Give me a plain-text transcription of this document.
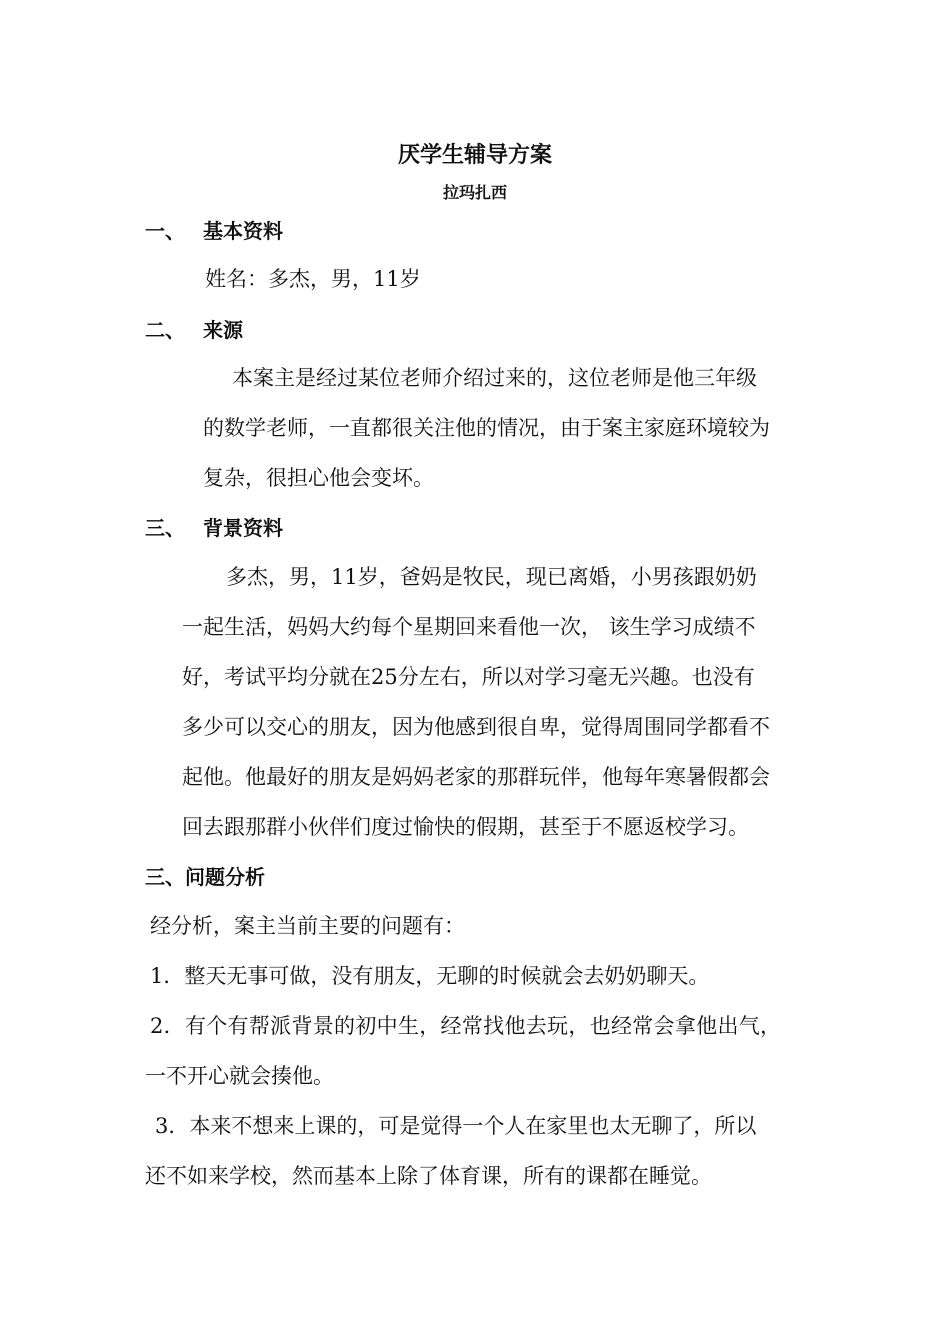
厌学生辅导方案
拉玛扎西
一、 基本资料
姓名：多杰，男，11岁
二、 来源
本案主是经过某位老师介绍过来的，这位老师是他三年级
的数学老师，一直都很关注他的情况，由于案主家庭环境较为
复杂，很担心他会变坏。
三、 背景资料
多杰，男，11岁，爸妈是牧民，现已离婚，小男孩跟奶奶
一起生活，妈妈大约每个星期回来看他一次， 该生学习成绩不
好，考试平均分就在25分左右，所以对学习毫无兴趣。也没有
多少可以交心的朋友，因为他感到很自卑，觉得周围同学都看不
起他。他最好的朋友是妈妈老家的那群玩伴，他每年寒暑假都会
回去跟那群小伙伴们度过愉快的假期，甚至于不愿返校学习。
三、问题分析
经分析，案主当前主要的问题有：
1．整天无事可做，没有朋友，无聊的时候就会去奶奶聊天。
2．有个有帮派背景的初中生，经常找他去玩，也经常会拿他出气，
一不开心就会揍他。
3．本来不想来上课的，可是觉得一个人在家里也太无聊了，所以
还不如来学校，然而基本上除了体育课，所有的课都在睡觉。
